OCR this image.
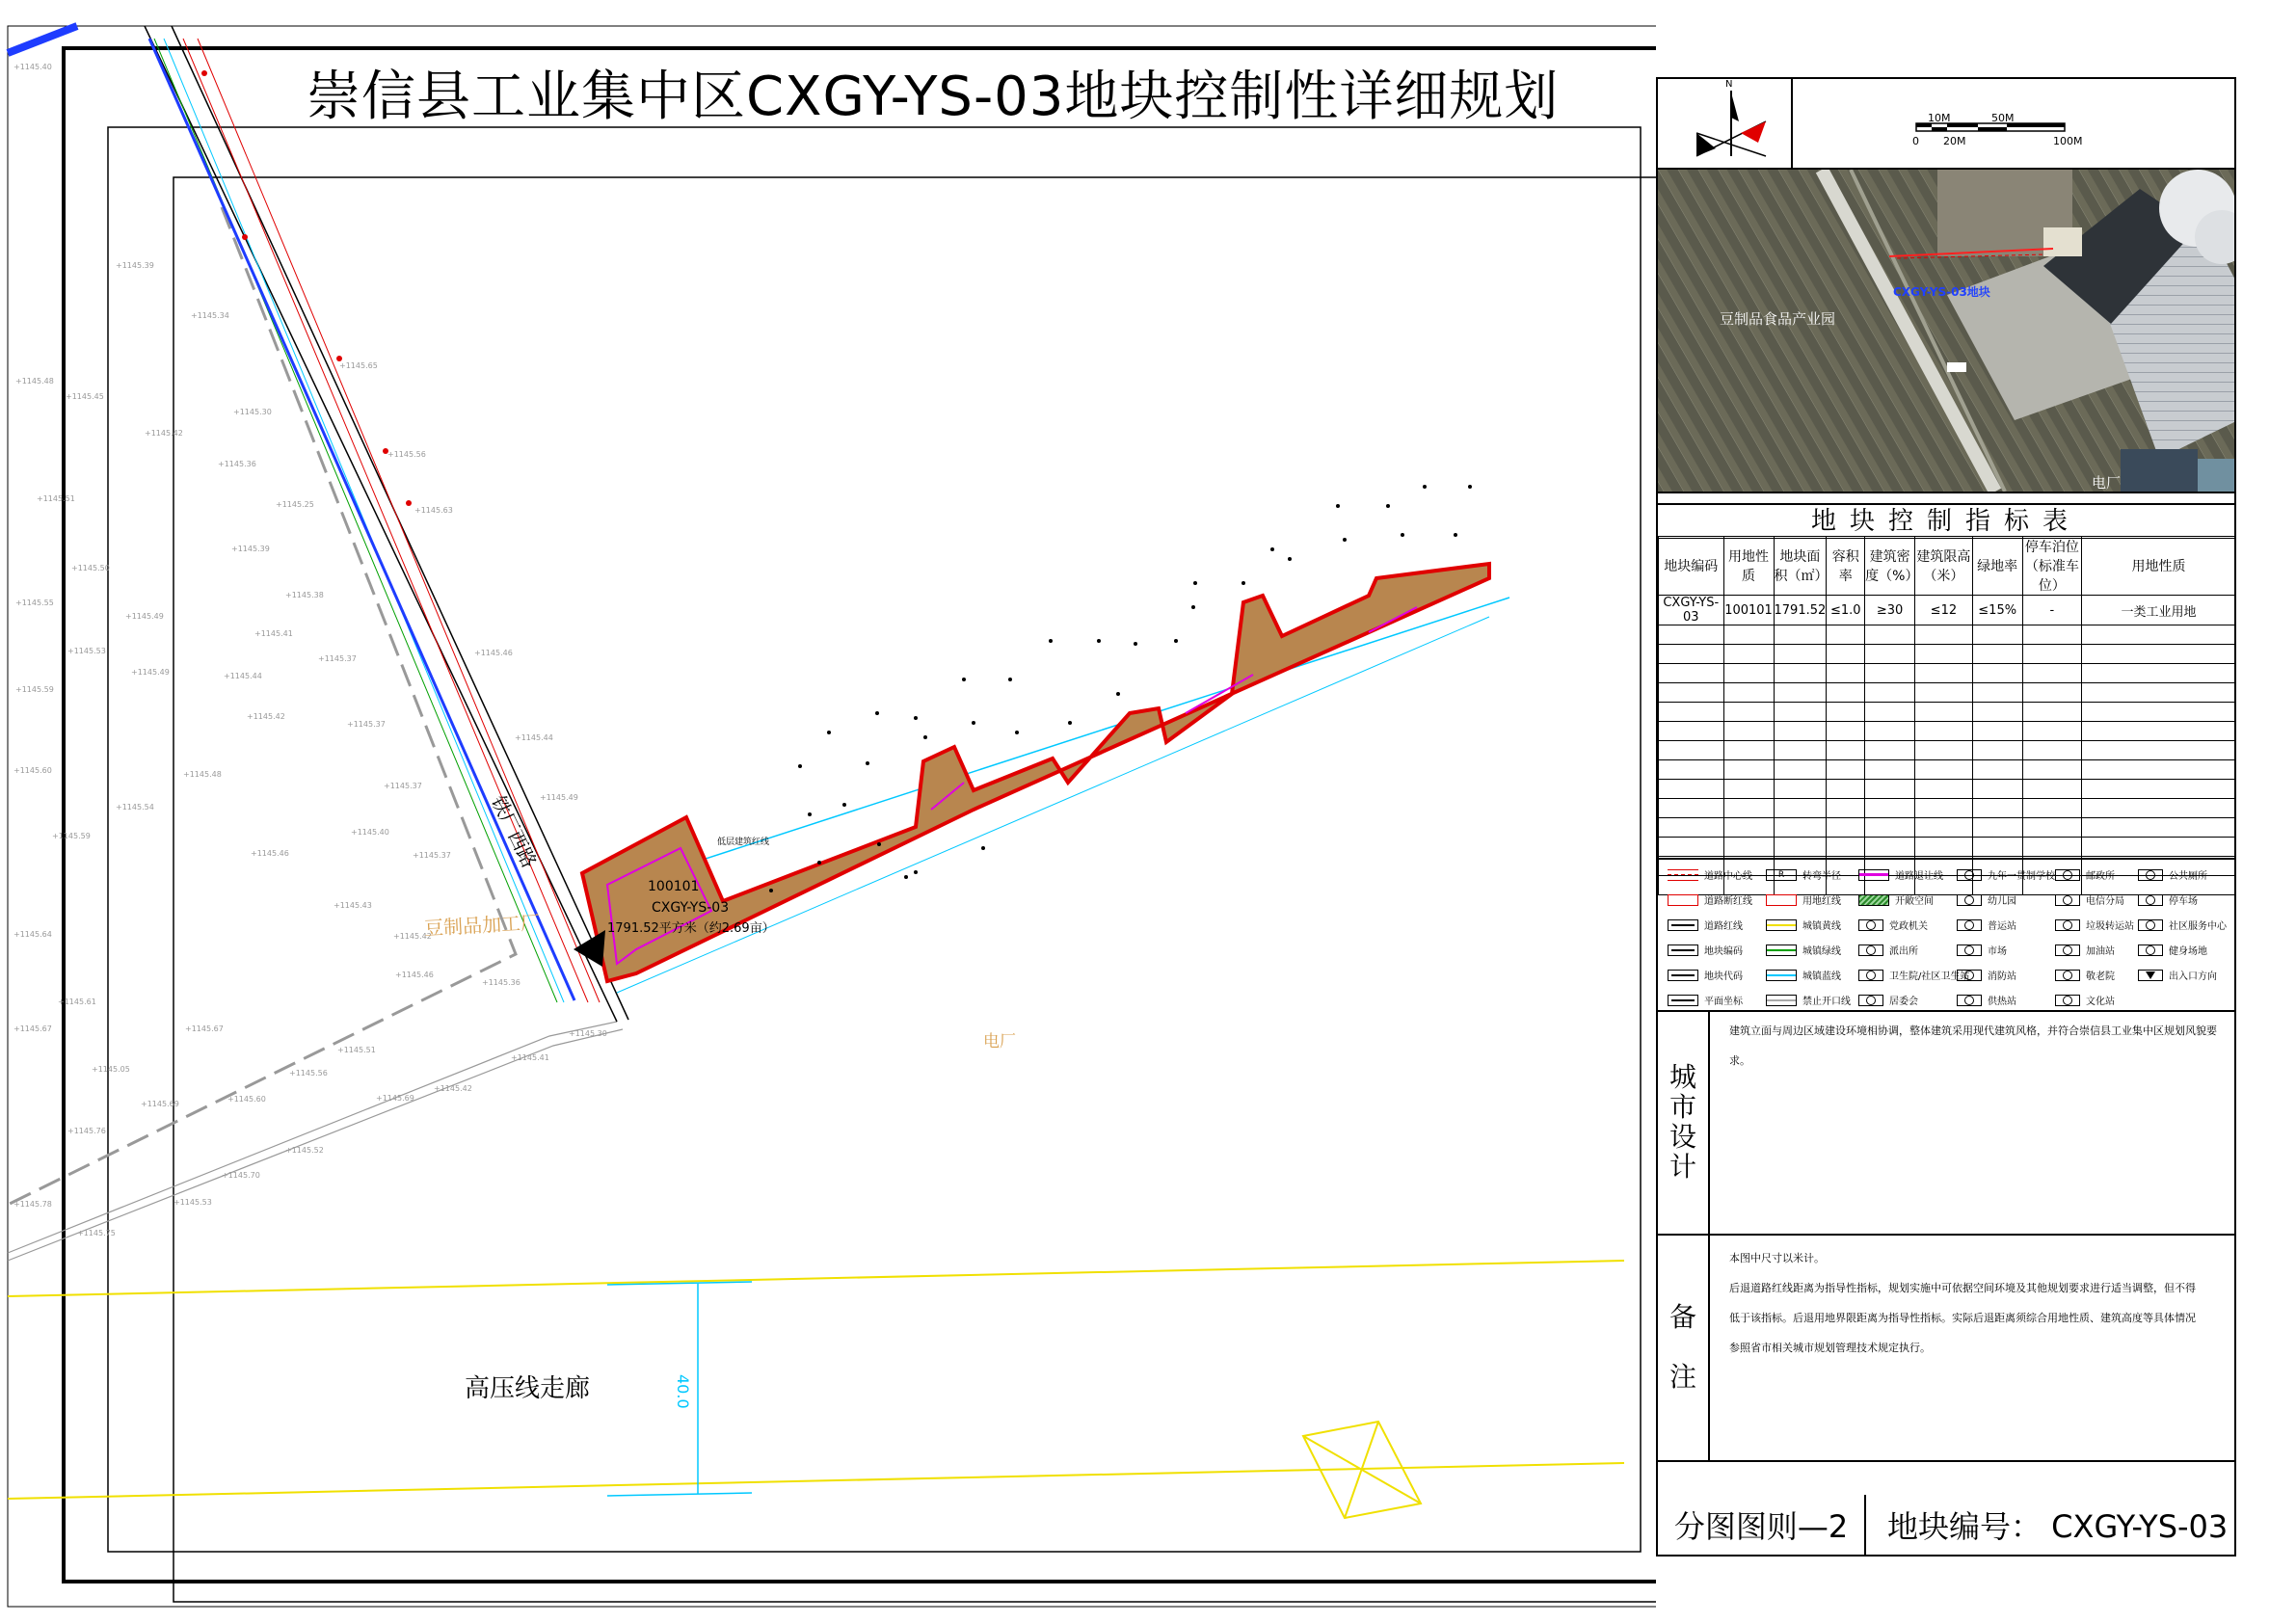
+1145.40
+1145.39
+1145.48
+1145.45
+1145.42
+1145.51
+1145.50
+1145.55
+1145.49
+1145.53
+1145.49
+1145.59
+1145.60	+1145.48
+1145.54
+1145.59
+1145.64
+1145.61
+1145.67
+1145.05
+1145.76
+1145.78
+1145.75
+1145.53
+1145.70
+1145.60
+1145.69
+1145.67
+1145.46
+1145.51
+1145.69
+1145.56
+1145.52
+1145.42
+1145.41
+1145.30
+1145.36
+1145.42
+1145.43
+1145.46
+1145.40
+1145.37
+1145.37
+1145.44
+1145.37
+1145.41
+1145.37
+1145.42
+1145.38
+1145.39
+1145.25
+1145.36
+1145.30
+1145.34
+1145.65
+1145.56
+1145.63
+1145.46
+1145.44
+1145.49
崇信县工业集中区CXGY-YS-03地块控制性详细规划
豆制品加工厂
铁厂西路
100101
CXGY-YS-03
1791.52平方米（约2.69亩）
低层建筑红线
电厂
高压线走廊	40.0
N
10M	50M
0 20M	100M
豆制品食品产业园
CXGY-YS-03地块
电厂
地块控制指标表
地块编码	用地性质	地块面积（㎡）	容积率	建筑密度（%）	建筑限高（米）	绿地率	停车泊位（标准车位）	用地性质
CXGY-YS-03	100101	1791.52	≤1.0	≥30	≤12	≤15%	-	一类工业用地

道路中心线	R	转弯半径	道路退让线	九年一贯制学校	邮政所	公共厕所
道路断红线	用地红线	开敞空间	幼儿园	电信分局	停车场
道路红线	城镇黄线	党政机关	普运站	垃圾转运站	社区服务中心
地块编码	城镇绿线	派出所	市场	加油站	健身场地
地块代码	城镇蓝线	卫生院/社区卫生站 消防站	敬老院	出入口方向
平面坐标	禁止开口线	居委会	供热站	文化站
城
市
设
计
建筑立面与周边区域建设环境相协调，整体建筑采用现代建筑风格，并符合崇信县工业集中区规划风貌要求。
备

注
本图中尺寸以米计。
后退道路红线距离为指导性指标，规划实施中可依据空间环境及其他规划要求进行适当调整，但不得
低于该指标。后退用地界限距离为指导性指标。实际后退距离须综合用地性质、建筑高度等具体情况
参照省市相关城市规划管理技术规定执行。
分图图则—2	地块编号： CXGY-YS-03
